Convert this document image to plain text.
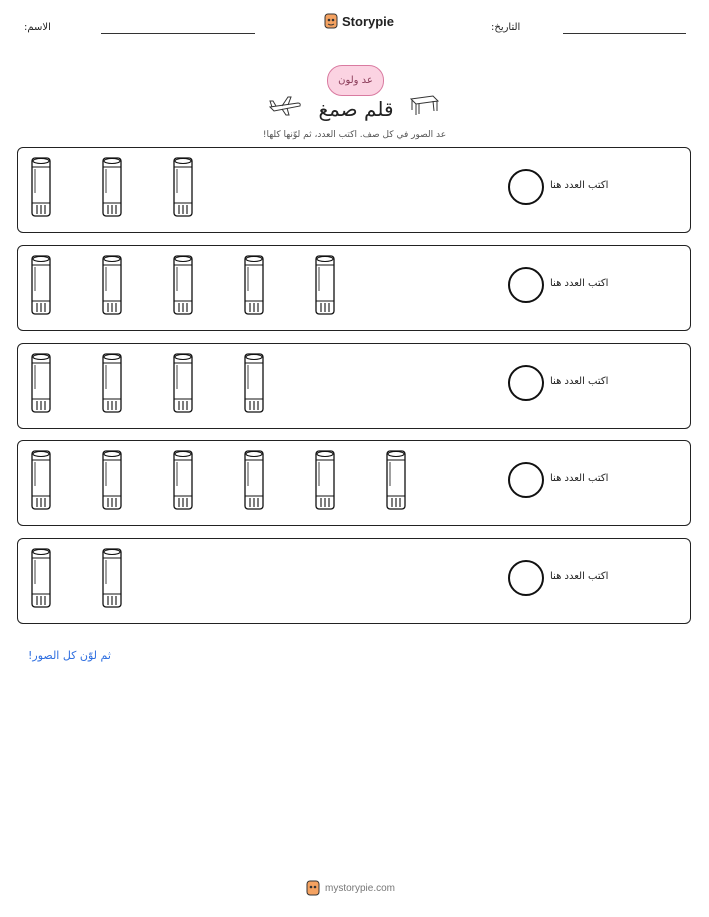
الاسم:	Storypie	التاريخ:
عد ولون
قلم صمغ
عد الصور في كل صف. اكتب العدد، ثم لوّنها كلها!
ثم لوّن كل الصور!
mystorypie.com
اكتب العدد هنا
اكتب العدد هنا
اكتب العدد هنا
اكتب العدد هنا
اكتب العدد هنا
